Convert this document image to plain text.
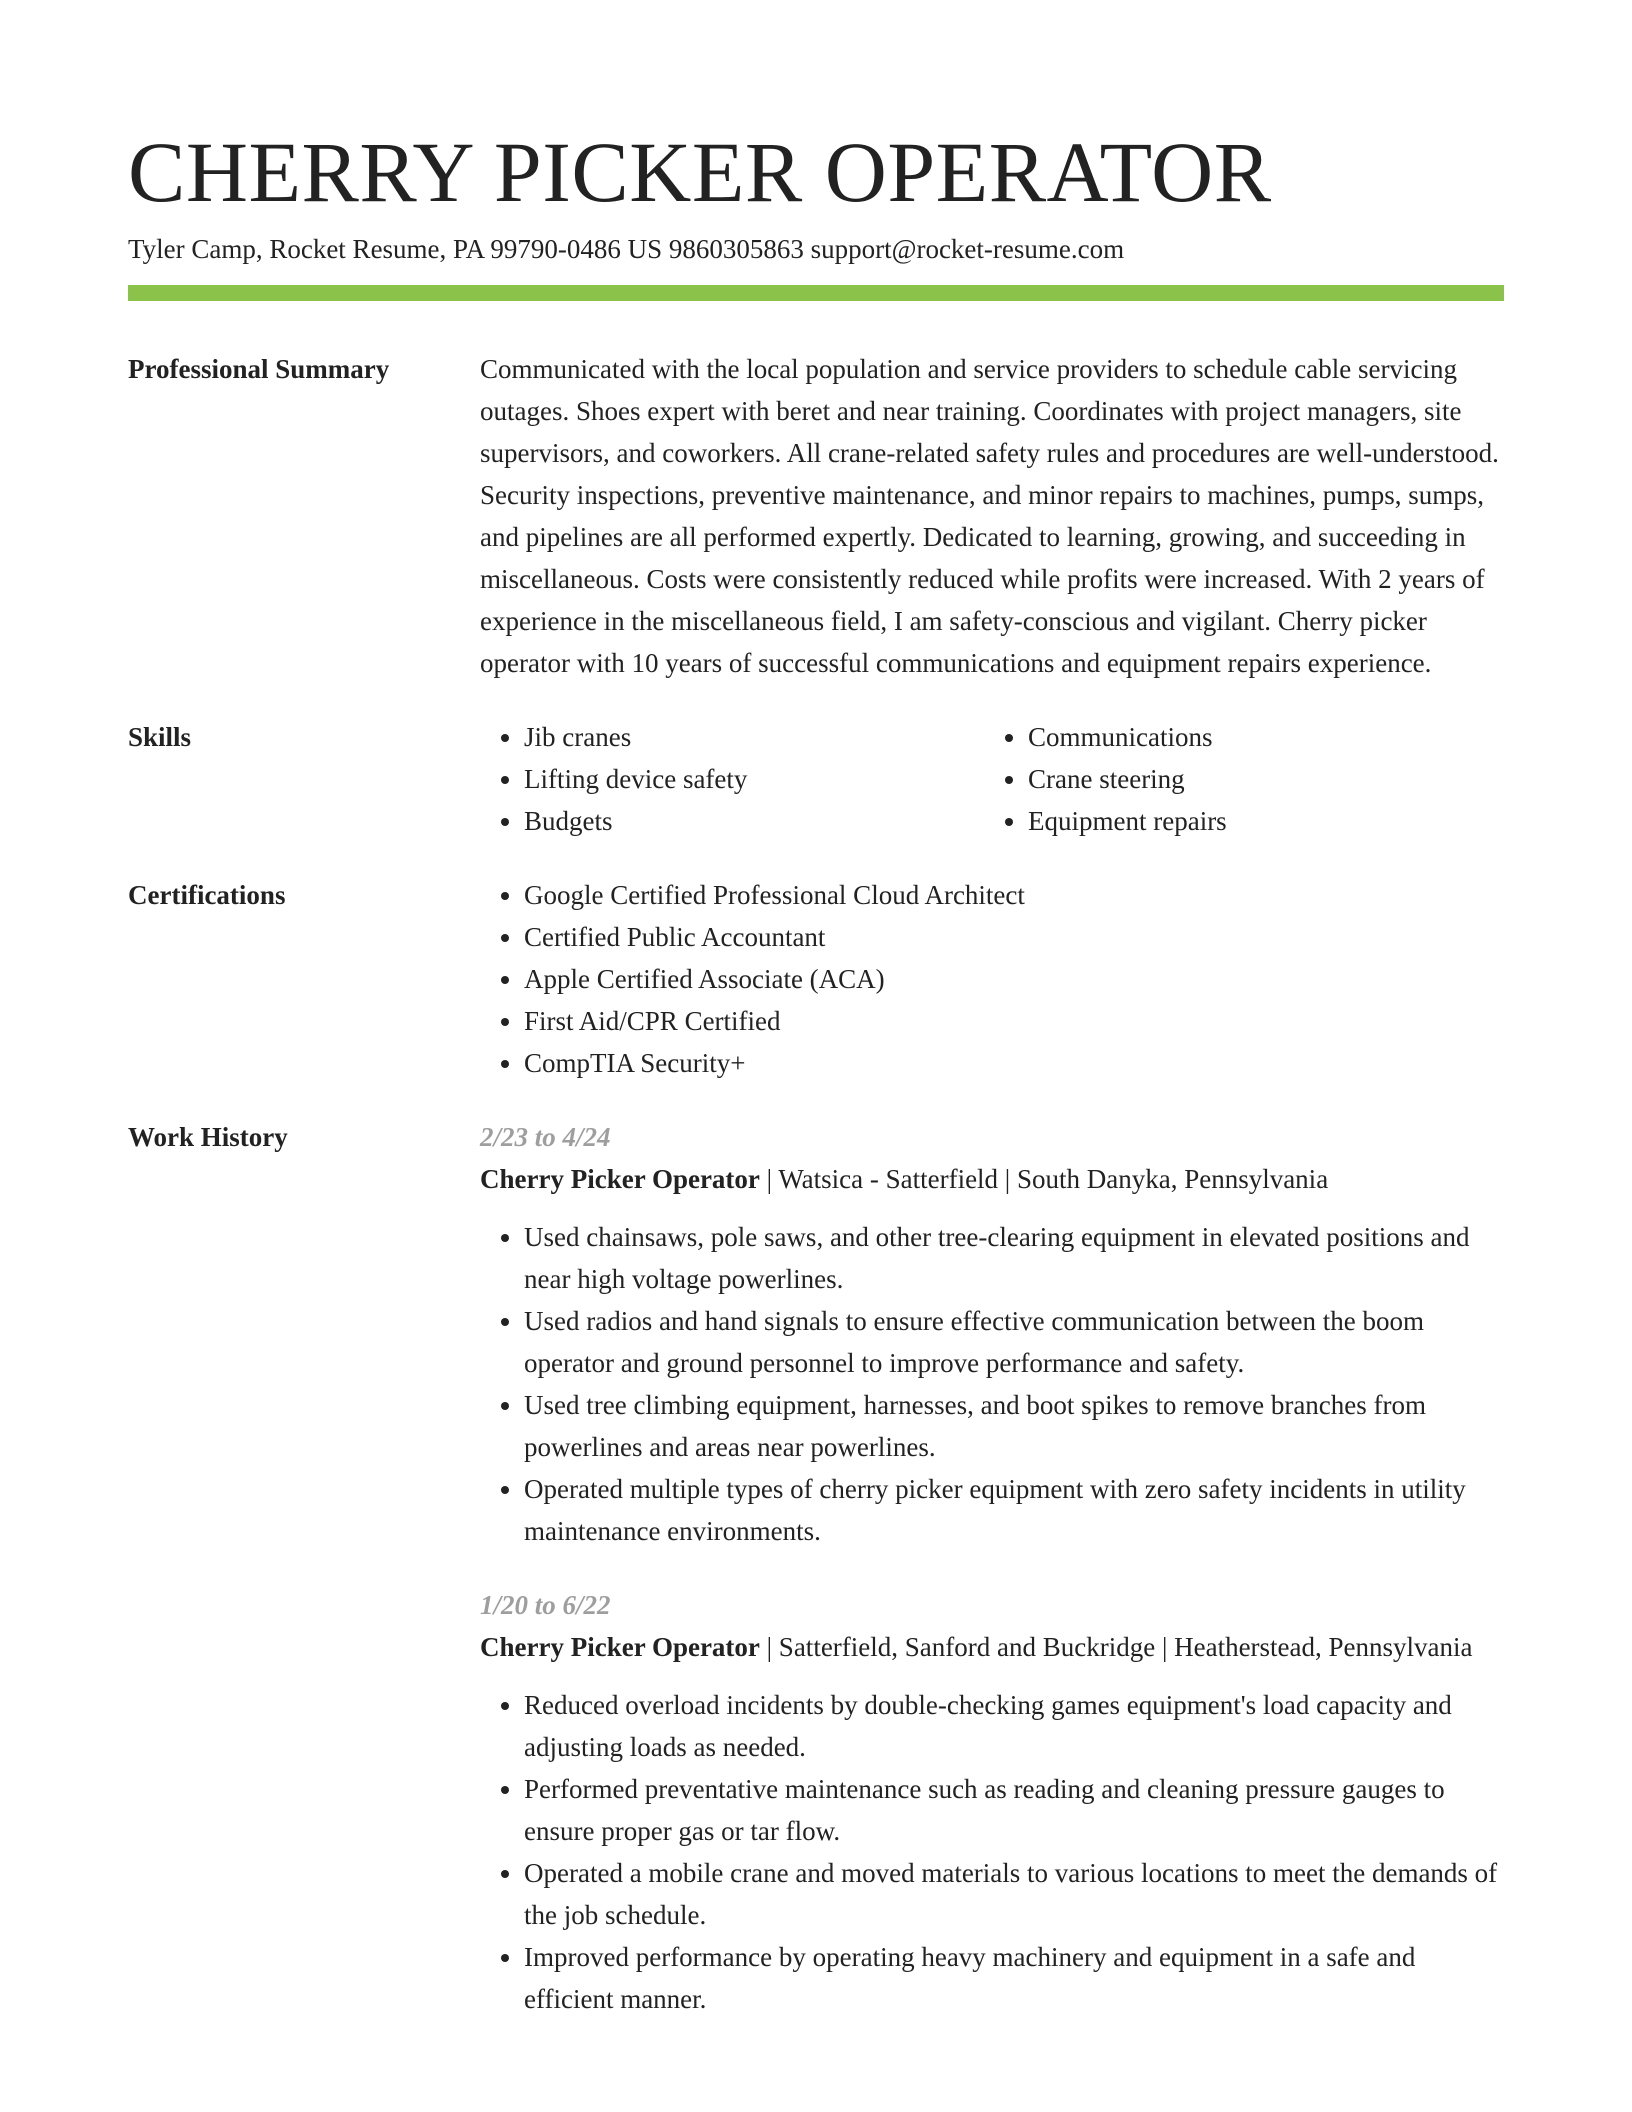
CHERRY PICKER OPERATOR
Tyler Camp, Rocket Resume, PA 99790-0486 US 9860305863 support@rocket-resume.com
Professional Summary	Communicated with the local population and service providers to schedule cable servicing outages. Shoes expert with beret and near training. Coordinates with project managers, site supervisors, and coworkers. All crane-related safety rules and procedures are well-understood. Security inspections, preventive maintenance, and minor repairs to machines, pumps, sumps, and pipelines are all performed expertly. Dedicated to learning, growing, and succeeding in miscellaneous. Costs were consistently reduced while profits were increased. With 2 years of experience in the miscellaneous field, I am safety-conscious and vigilant. Cherry picker operator with 10 years of successful communications and equipment repairs experience.

Skills	• Jib cranes
• Lifting device safety
• Budgets
• Communications
• Crane steering
• Equipment repairs
Certifications	• Google Certified Professional Cloud Architect
• Certified Public Accountant
• Apple Certified Associate (ACA)
• First Aid/CPR Certified
• CompTIA Security+
Work History	2/23 to 4/24
Cherry Picker Operator | Watsica - Satterfield | South Danyka, Pennsylvania
• Used chainsaws, pole saws, and other tree-clearing equipment in elevated positions and near high voltage powerlines.
• Used radios and hand signals to ensure effective communication between the boom operator and ground personnel to improve performance and safety.
• Used tree climbing equipment, harnesses, and boot spikes to remove branches from powerlines and areas near powerlines.
• Operated multiple types of cherry picker equipment with zero safety incidents in utility maintenance environments.
1/20 to 6/22
Cherry Picker Operator | Satterfield, Sanford and Buckridge | Heatherstead, Pennsylvania
• Reduced overload incidents by double-checking games equipment's load capacity and adjusting loads as needed.
• Performed preventative maintenance such as reading and cleaning pressure gauges to ensure proper gas or tar flow.
• Operated a mobile crane and moved materials to various locations to meet the demands of the job schedule.
• Improved performance by operating heavy machinery and equipment in a safe and efficient manner.
